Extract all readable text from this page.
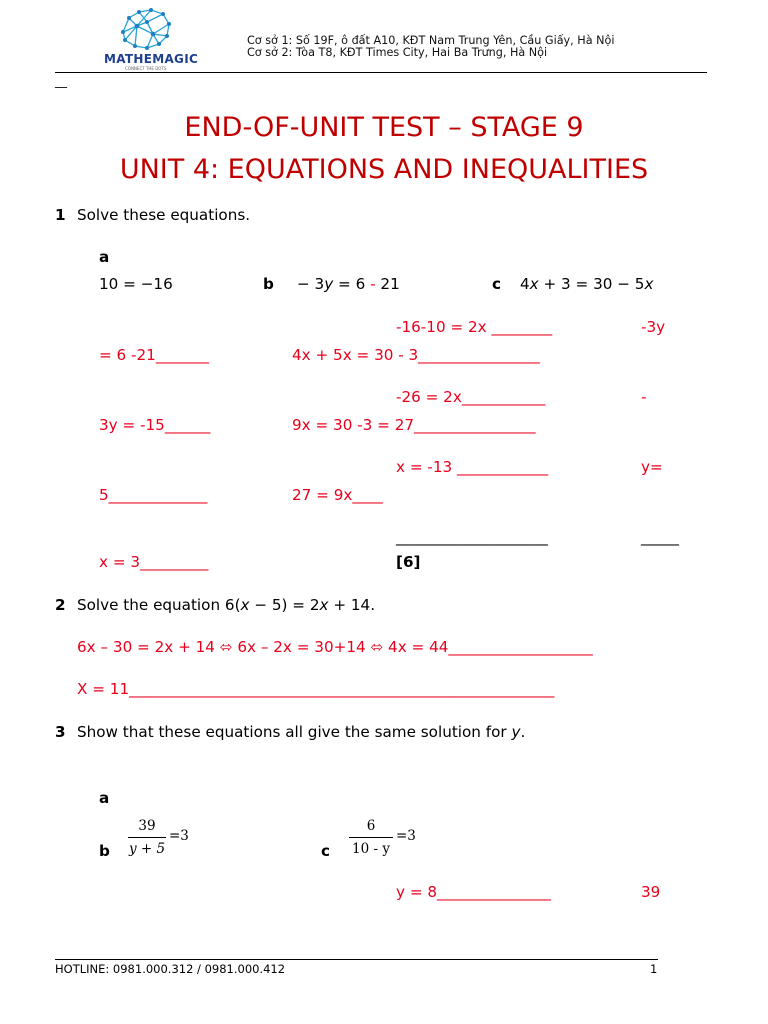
MATHEMAGIC
CONNECT THE DOTS
Cơ sở 1: Số 19F, ô đất A10, KĐT Nam Trung Yên, Cầu Giấy, Hà Nội
Cơ sở 2: Tòa T8, KĐT Times City, Hai Ba Trưng, Hà Nội
__
END-OF-UNIT TEST – STAGE 9
UNIT 4: EQUATIONS AND INEQUALITIES
1 Solve these equations.
a
10 = −16	b − 3y = 6 - 21	c 4x + 3 = 30 − 5x
-16-10 = 2x ________	-3y
= 6 -21_______	4x + 5x = 30 - 3________________
-26 = 2x___________	-
3y = -15______	9x = 30 -3 = 27________________
x = -13 ____________	y=
5_____________	27 = 9x____
____________________	_____
x = 3_________	[6]
2 Solve the equation 6(x − 5) = 2x + 14.
6x – 30 = 2x + 14 ⬄ 6x – 2x = 30+14 ⬄ 4x = 44___________________
X = 11________________________________________________________
3 Show that these equations all give the same solution for y.
a
b
39
y + 5
=3
c
6
10 - y
=3
y = 8_______________	39
HOTLINE: 0981.000.312 / 0981.000.412	1
